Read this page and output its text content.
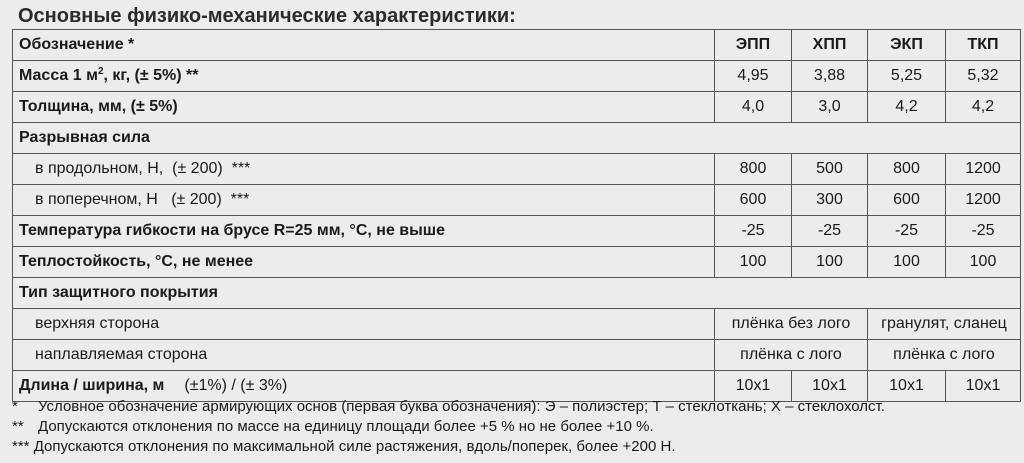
Основные физико-механические характеристики:
Обозначение *	ЭПП	ХПП	ЭКП	ТКП
Масса 1 $м^2$, кг, (± 5%) **	4,95	3,88	5,25	5,32
Толщина, мм, (± 5%)	4,0	3,0	4,2	4,2
Разрывная сила				
в продольном, Н,  (± 200)  ***	800	500	800	1200
в поперечном, Н   (± 200)  ***	600	300	600	1200
Температура гибкости на брусе R=25 мм, °С, не выше	-25	-25	-25	-25
Теплостойкость, °С, не менее	100	100	100	100
Тип защитного покрытия				
верхняя сторона	плёнка без лого		гранулят, сланец	
наплавляемая сторона	плёнка с лого		плёнка с лого	
Длина / ширина, м (±1%) / (± 3%)	10x1	10x1	10x1	10x1
* Условное обозначение армирующих основ (первая буква обозначения): Э – полиэстер; Т – стеклоткань; Х – стеклохолст.
** Допускаются отклонения по массе на единицу площади более +5 % но не более +10 %.
*** Допускаются отклонения по максимальной силе растяжения, вдоль/поперек, более +200 Н.
